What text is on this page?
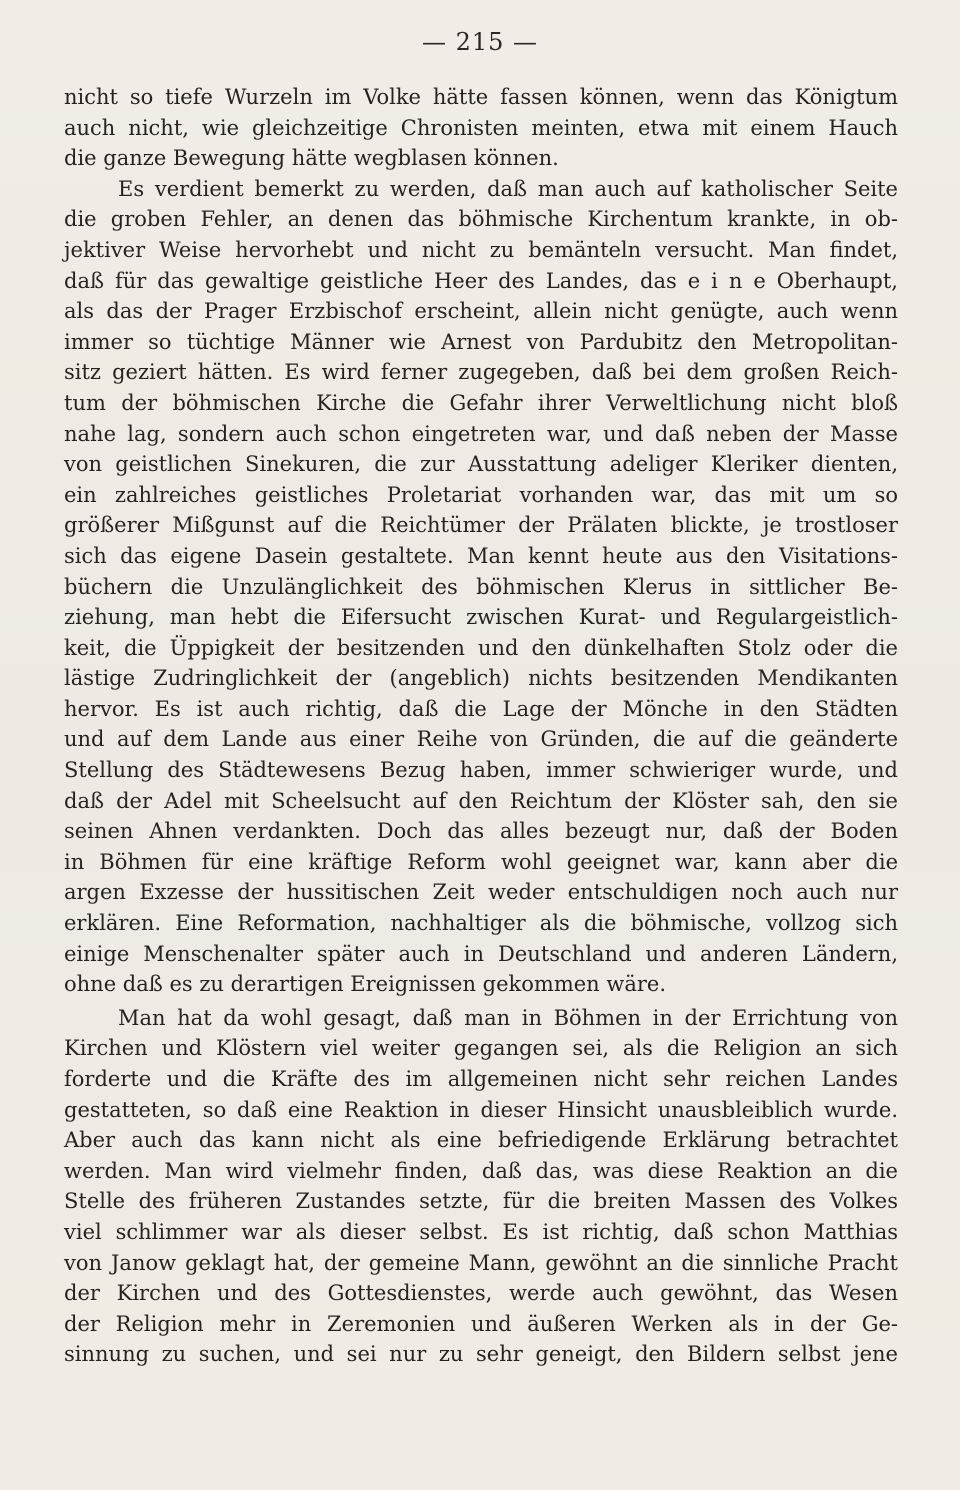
— 215 —
nicht so tiefe Wurzeln im Volke hätte fassen können, wenn das Königtum
auch nicht, wie gleichzeitige Chronisten meinten, etwa mit einem Hauch
die ganze Bewegung hätte wegblasen können.
Es verdient bemerkt zu werden, daß man auch auf katholischer Seite
die groben Fehler, an denen das böhmische Kirchentum krankte, in ob-
jektiver Weise hervorhebt und nicht zu bemänteln versucht. Man findet,
daß für das gewaltige geistliche Heer des Landes, das e i n e Oberhaupt,
als das der Prager Erzbischof erscheint, allein nicht genügte, auch wenn
immer so tüchtige Männer wie Arnest von Pardubitz den Metropolitan-
sitz geziert hätten. Es wird ferner zugegeben, daß bei dem großen Reich-
tum der böhmischen Kirche die Gefahr ihrer Verweltlichung nicht bloß
nahe lag, sondern auch schon eingetreten war, und daß neben der Masse
von geistlichen Sinekuren, die zur Ausstattung adeliger Kleriker dienten,
ein zahlreiches geistliches Proletariat vorhanden war, das mit um so
größerer Mißgunst auf die Reichtümer der Prälaten blickte, je trostloser
sich das eigene Dasein gestaltete. Man kennt heute aus den Visitations-
büchern die Unzulänglichkeit des böhmischen Klerus in sittlicher Be-
ziehung, man hebt die Eifersucht zwischen Kurat- und Regulargeistlich-
keit, die Üppigkeit der besitzenden und den dünkelhaften Stolz oder die
lästige Zudringlichkeit der (angeblich) nichts besitzenden Mendikanten
hervor. Es ist auch richtig, daß die Lage der Mönche in den Städten
und auf dem Lande aus einer Reihe von Gründen, die auf die geänderte
Stellung des Städtewesens Bezug haben, immer schwieriger wurde, und
daß der Adel mit Scheelsucht auf den Reichtum der Klöster sah, den sie
seinen Ahnen verdankten. Doch das alles bezeugt nur, daß der Boden
in Böhmen für eine kräftige Reform wohl geeignet war, kann aber die
argen Exzesse der hussitischen Zeit weder entschuldigen noch auch nur
erklären. Eine Reformation, nachhaltiger als die böhmische, vollzog sich
einige Menschenalter später auch in Deutschland und anderen Ländern,
ohne daß es zu derartigen Ereignissen gekommen wäre.
Man hat da wohl gesagt, daß man in Böhmen in der Errichtung von
Kirchen und Klöstern viel weiter gegangen sei, als die Religion an sich
forderte und die Kräfte des im allgemeinen nicht sehr reichen Landes
gestatteten, so daß eine Reaktion in dieser Hinsicht unausbleiblich wurde.
Aber auch das kann nicht als eine befriedigende Erklärung betrachtet
werden. Man wird vielmehr finden, daß das, was diese Reaktion an die
Stelle des früheren Zustandes setzte, für die breiten Massen des Volkes
viel schlimmer war als dieser selbst. Es ist richtig, daß schon Matthias
von Janow geklagt hat, der gemeine Mann, gewöhnt an die sinnliche Pracht
der Kirchen und des Gottesdienstes, werde auch gewöhnt, das Wesen
der Religion mehr in Zeremonien und äußeren Werken als in der Ge-
sinnung zu suchen, und sei nur zu sehr geneigt, den Bildern selbst jene
